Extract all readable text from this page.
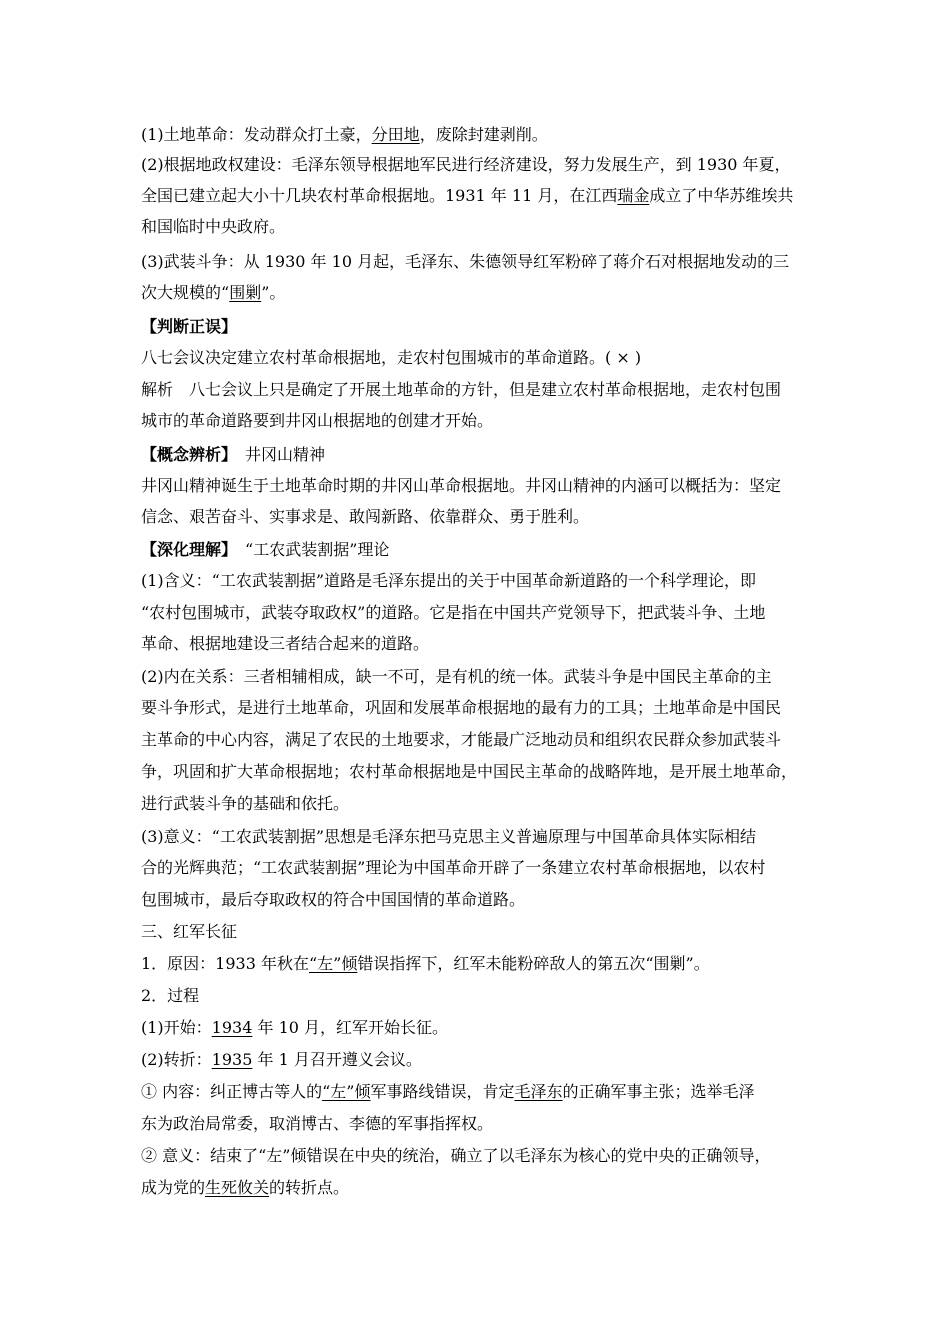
(1)土地革命：发动群众打土豪，分田地，废除封建剥削。
(2)根据地政权建设：毛泽东领导根据地军民进行经济建设，努力发展生产，到 1930 年夏，
全国已建立起大小十几块农村革命根据地。1931 年 11 月，在江西瑞金成立了中华苏维埃共
和国临时中央政府。
(3)武装斗争：从 1930 年 10 月起，毛泽东、朱德领导红军粉碎了蒋介石对根据地发动的三
次大规模的“围剿”。
【判断正误】
八七会议决定建立农村革命根据地，走农村包围城市的革命道路。( × )
解析　八七会议上只是确定了开展土地革命的方针，但是建立农村革命根据地，走农村包围
城市的革命道路要到井冈山根据地的创建才开始。
【概念辨析】　井冈山精神
井冈山精神诞生于土地革命时期的井冈山革命根据地。井冈山精神的内涵可以概括为：坚定
信念、艰苦奋斗、实事求是、敢闯新路、依靠群众、勇于胜利。
【深化理解】　“工农武装割据”理论
(1)含义：“工农武装割据”道路是毛泽东提出的关于中国革命新道路的一个科学理论，即
“农村包围城市，武装夺取政权”的道路。它是指在中国共产党领导下，把武装斗争、土地
革命、根据地建设三者结合起来的道路。
(2)内在关系：三者相辅相成，缺一不可，是有机的统一体。武装斗争是中国民主革命的主
要斗争形式，是进行土地革命，巩固和发展革命根据地的最有力的工具；土地革命是中国民
主革命的中心内容，满足了农民的土地要求，才能最广泛地动员和组织农民群众参加武装斗
争，巩固和扩大革命根据地；农村革命根据地是中国民主革命的战略阵地，是开展土地革命，
进行武装斗争的基础和依托。
(3)意义：“工农武装割据”思想是毛泽东把马克思主义普遍原理与中国革命具体实际相结
合的光辉典范；“工农武装割据”理论为中国革命开辟了一条建立农村革命根据地，以农村
包围城市，最后夺取政权的符合中国国情的革命道路。
三、红军长征
1．原因：1933 年秋在“左”倾错误指挥下，红军未能粉碎敌人的第五次“围剿”。
2．过程
(1)开始：1934 年 10 月，红军开始长征。
(2)转折：1935 年 1 月召开遵义会议。
① 内容：纠正博古等人的“左”倾军事路线错误，肯定毛泽东的正确军事主张；选举毛泽
东为政治局常委，取消博古、李德的军事指挥权。
② 意义：结束了“左”倾错误在中央的统治，确立了以毛泽东为核心的党中央的正确领导，
成为党的生死攸关的转折点。
